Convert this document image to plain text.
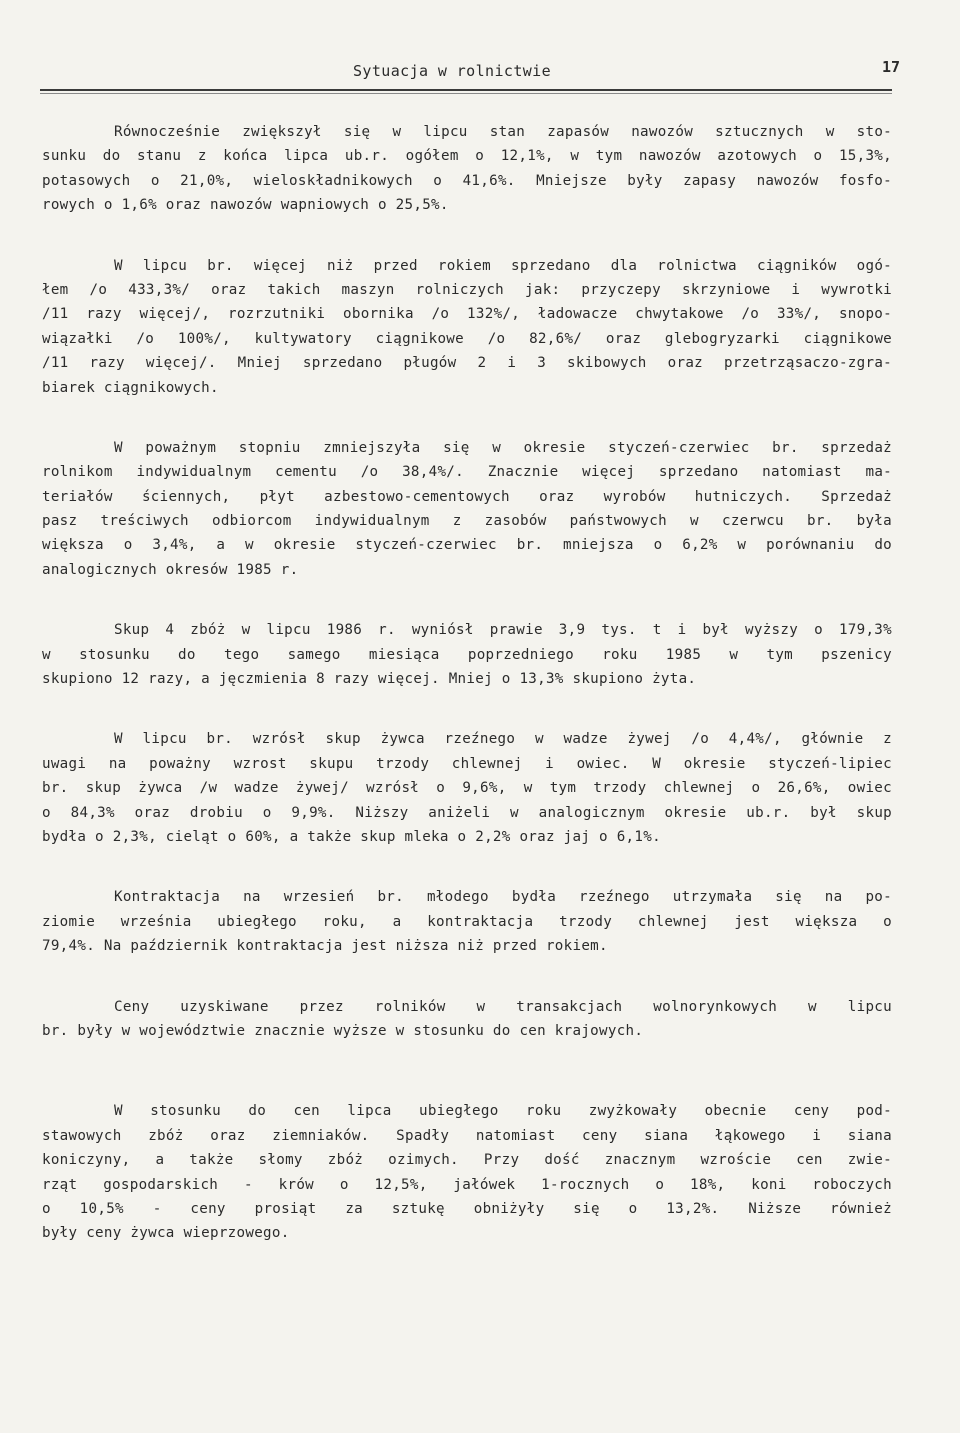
Sytuacja w rolnictwie	17
Równocześnie zwiększył się w lipcu stan zapasów nawozów sztucznych w sto-
sunku do stanu z końca lipca ub.r. ogółem o 12,1%, w tym nawozów azotowych o 15,3%,
potasowych o 21,0%, wieloskładnikowych o 41,6%. Mniejsze były zapasy nawozów fosfo-
rowych o 1,6% oraz nawozów wapniowych o 25,5%.
W lipcu br. więcej niż przed rokiem sprzedano dla rolnictwa ciągników ogó-
łem /o 433,3%/ oraz takich maszyn rolniczych jak: przyczepy skrzyniowe i wywrotki
/11 razy więcej/, rozrzutniki obornika /o 132%/, ładowacze chwytakowe /o 33%/, snopo-
wiązałki /o 100%/, kultywatory ciągnikowe /o 82,6%/ oraz glebogryzarki ciągnikowe
/11 razy więcej/. Mniej sprzedano pługów 2 i 3 skibowych oraz przetrząsaczo-zgra-
biarek ciągnikowych.
W poważnym stopniu zmniejszyła się w okresie styczeń-czerwiec br. sprzedaż
rolnikom indywidualnym cementu /o 38,4%/. Znacznie więcej sprzedano natomiast ma-
teriałów ściennych, płyt azbestowo-cementowych oraz wyrobów hutniczych. Sprzedaż
pasz treściwych odbiorcom indywidualnym z zasobów państwowych w czerwcu br. była
większa o 3,4%, a w okresie styczeń-czerwiec br. mniejsza o 6,2% w porównaniu do
analogicznych okresów 1985 r.
Skup 4 zbóż w lipcu 1986 r. wyniósł prawie 3,9 tys. t i był wyższy o 179,3%
w stosunku do tego samego miesiąca poprzedniego roku 1985 w tym pszenicy
skupiono 12 razy, a jęczmienia 8 razy więcej. Mniej o 13,3% skupiono żyta.
W lipcu br. wzrósł skup żywca rzeźnego w wadze żywej /o 4,4%/, głównie z
uwagi na poważny wzrost skupu trzody chlewnej i owiec. W okresie styczeń-lipiec
br. skup żywca /w wadze żywej/ wzrósł o 9,6%, w tym trzody chlewnej o 26,6%, owiec
o 84,3% oraz drobiu o 9,9%. Niższy aniżeli w analogicznym okresie ub.r. był skup
bydła o 2,3%, cieląt o 60%, a także skup mleka o 2,2% oraz jaj o 6,1%.
Kontraktacja na wrzesień br. młodego bydła rzeźnego utrzymała się na po-
ziomie września ubiegłego roku, a kontraktacja trzody chlewnej jest większa o
79,4%. Na październik kontraktacja jest niższa niż przed rokiem.
Ceny uzyskiwane przez rolników w transakcjach wolnorynkowych w lipcu
br. były w województwie znacznie wyższe w stosunku do cen krajowych.
W stosunku do cen lipca ubiegłego roku zwyżkowały obecnie ceny pod-
stawowych zbóż oraz ziemniaków. Spadły natomiast ceny siana łąkowego i siana
koniczyny, a także słomy zbóż ozimych. Przy dość znacznym wzroście cen zwie-
rząt gospodarskich - krów o 12,5%, jałówek 1-rocznych o 18%, koni roboczych
o 10,5% - ceny prosiąt za sztukę obniżyły się o 13,2%. Niższe również
były ceny żywca wieprzowego.
